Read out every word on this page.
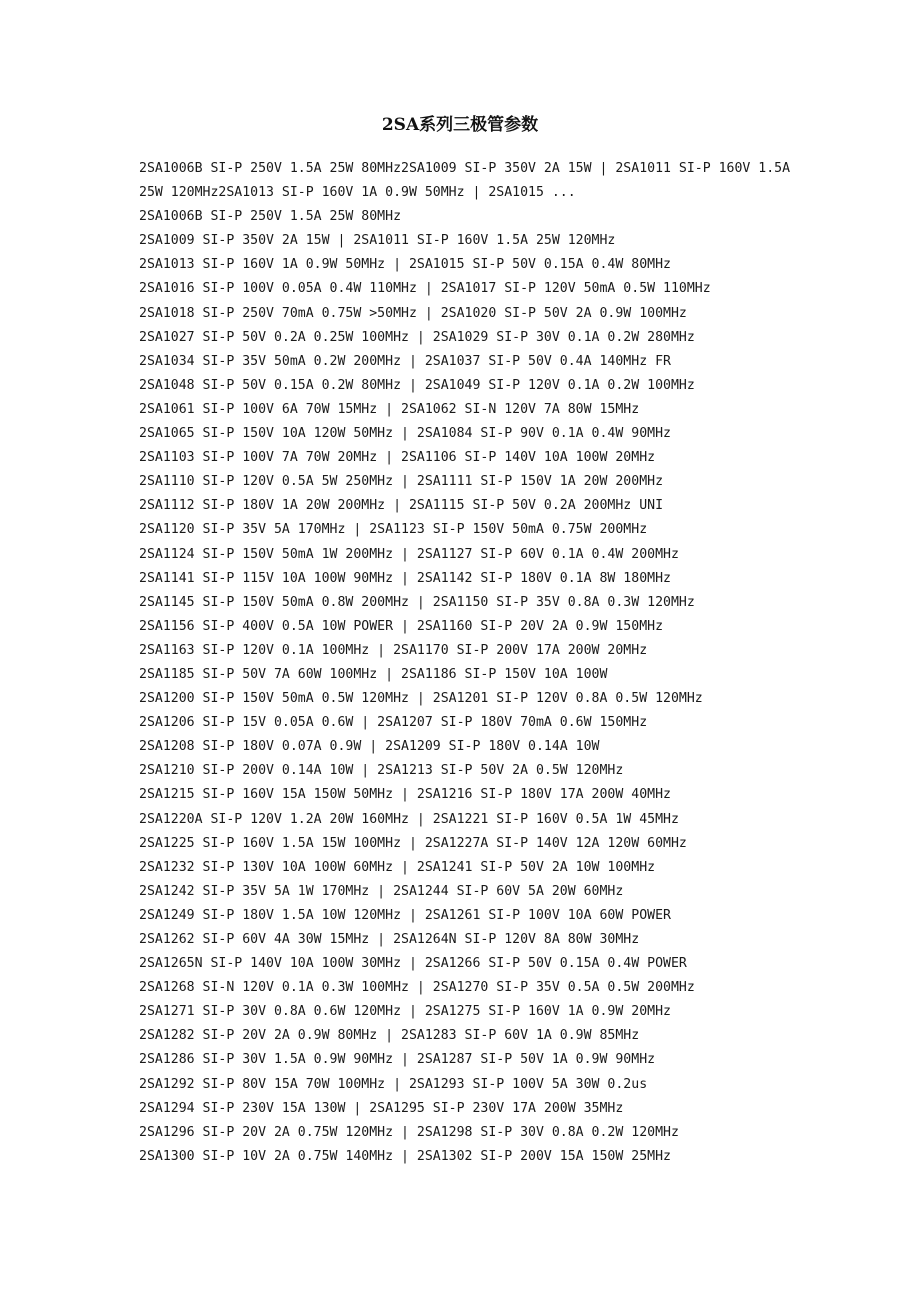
2SA系列三极管参数
2SA1006B SI-P 250V 1.5A 25W 80MHz2SA1009 SI-P 350V 2A 15W | 2SA1011 SI-P 160V 1.5A
25W 120MHz2SA1013 SI-P 160V 1A 0.9W 50MHz | 2SA1015 ...
2SA1006B SI-P 250V 1.5A 25W 80MHz
2SA1009 SI-P 350V 2A 15W | 2SA1011 SI-P 160V 1.5A 25W 120MHz
2SA1013 SI-P 160V 1A 0.9W 50MHz | 2SA1015 SI-P 50V 0.15A 0.4W 80MHz
2SA1016 SI-P 100V 0.05A 0.4W 110MHz | 2SA1017 SI-P 120V 50mA 0.5W 110MHz
2SA1018 SI-P 250V 70mA 0.75W >50MHz | 2SA1020 SI-P 50V 2A 0.9W 100MHz
2SA1027 SI-P 50V 0.2A 0.25W 100MHz | 2SA1029 SI-P 30V 0.1A 0.2W 280MHz
2SA1034 SI-P 35V 50mA 0.2W 200MHz | 2SA1037 SI-P 50V 0.4A 140MHz FR
2SA1048 SI-P 50V 0.15A 0.2W 80MHz | 2SA1049 SI-P 120V 0.1A 0.2W 100MHz
2SA1061 SI-P 100V 6A 70W 15MHz | 2SA1062 SI-N 120V 7A 80W 15MHz
2SA1065 SI-P 150V 10A 120W 50MHz | 2SA1084 SI-P 90V 0.1A 0.4W 90MHz
2SA1103 SI-P 100V 7A 70W 20MHz | 2SA1106 SI-P 140V 10A 100W 20MHz
2SA1110 SI-P 120V 0.5A 5W 250MHz | 2SA1111 SI-P 150V 1A 20W 200MHz
2SA1112 SI-P 180V 1A 20W 200MHz | 2SA1115 SI-P 50V 0.2A 200MHz UNI
2SA1120 SI-P 35V 5A 170MHz | 2SA1123 SI-P 150V 50mA 0.75W 200MHz
2SA1124 SI-P 150V 50mA 1W 200MHz | 2SA1127 SI-P 60V 0.1A 0.4W 200MHz
2SA1141 SI-P 115V 10A 100W 90MHz | 2SA1142 SI-P 180V 0.1A 8W 180MHz
2SA1145 SI-P 150V 50mA 0.8W 200MHz | 2SA1150 SI-P 35V 0.8A 0.3W 120MHz
2SA1156 SI-P 400V 0.5A 10W POWER | 2SA1160 SI-P 20V 2A 0.9W 150MHz
2SA1163 SI-P 120V 0.1A 100MHz | 2SA1170 SI-P 200V 17A 200W 20MHz
2SA1185 SI-P 50V 7A 60W 100MHz | 2SA1186 SI-P 150V 10A 100W
2SA1200 SI-P 150V 50mA 0.5W 120MHz | 2SA1201 SI-P 120V 0.8A 0.5W 120MHz
2SA1206 SI-P 15V 0.05A 0.6W | 2SA1207 SI-P 180V 70mA 0.6W 150MHz
2SA1208 SI-P 180V 0.07A 0.9W | 2SA1209 SI-P 180V 0.14A 10W
2SA1210 SI-P 200V 0.14A 10W | 2SA1213 SI-P 50V 2A 0.5W 120MHz
2SA1215 SI-P 160V 15A 150W 50MHz | 2SA1216 SI-P 180V 17A 200W 40MHz
2SA1220A SI-P 120V 1.2A 20W 160MHz | 2SA1221 SI-P 160V 0.5A 1W 45MHz
2SA1225 SI-P 160V 1.5A 15W 100MHz | 2SA1227A SI-P 140V 12A 120W 60MHz
2SA1232 SI-P 130V 10A 100W 60MHz | 2SA1241 SI-P 50V 2A 10W 100MHz
2SA1242 SI-P 35V 5A 1W 170MHz | 2SA1244 SI-P 60V 5A 20W 60MHz
2SA1249 SI-P 180V 1.5A 10W 120MHz | 2SA1261 SI-P 100V 10A 60W POWER
2SA1262 SI-P 60V 4A 30W 15MHz | 2SA1264N SI-P 120V 8A 80W 30MHz
2SA1265N SI-P 140V 10A 100W 30MHz | 2SA1266 SI-P 50V 0.15A 0.4W POWER
2SA1268 SI-N 120V 0.1A 0.3W 100MHz | 2SA1270 SI-P 35V 0.5A 0.5W 200MHz
2SA1271 SI-P 30V 0.8A 0.6W 120MHz | 2SA1275 SI-P 160V 1A 0.9W 20MHz
2SA1282 SI-P 20V 2A 0.9W 80MHz | 2SA1283 SI-P 60V 1A 0.9W 85MHz
2SA1286 SI-P 30V 1.5A 0.9W 90MHz | 2SA1287 SI-P 50V 1A 0.9W 90MHz
2SA1292 SI-P 80V 15A 70W 100MHz | 2SA1293 SI-P 100V 5A 30W 0.2us
2SA1294 SI-P 230V 15A 130W | 2SA1295 SI-P 230V 17A 200W 35MHz
2SA1296 SI-P 20V 2A 0.75W 120MHz | 2SA1298 SI-P 30V 0.8A 0.2W 120MHz
2SA1300 SI-P 10V 2A 0.75W 140MHz | 2SA1302 SI-P 200V 15A 150W 25MHz
